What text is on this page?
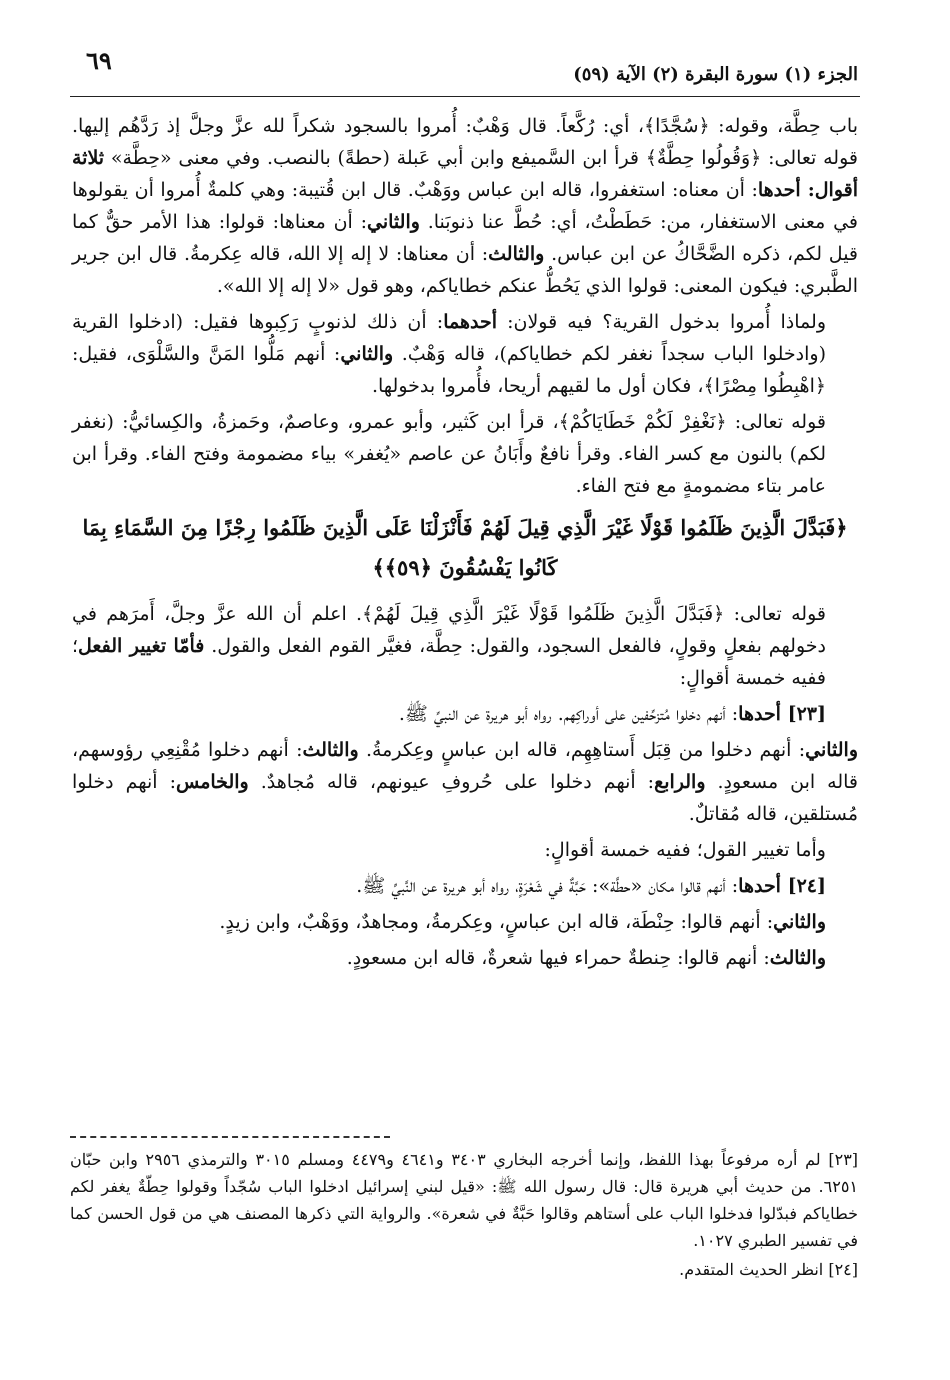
٦٩	الجزء (١) سورة البقرة (٢) الآية (٥٩)

باب حِطَّة، وقوله: ﴿سُجَّدًا﴾، أي: رُكَّعاً. قال وَهْبٌ: أُمروا بالسجود شكراً لله عزَّ وجلَّ إذ رَدَّهُم إليها. قوله تعالى: ﴿وَقُولُوا حِطَّةٌ﴾ قرأ ابن السَّميفع وابن أبي عَبلة (حطةً) بالنصب. وفي معنى «حِطَّة» ثلاثة أقوال: أحدها: أن معناه: استغفروا، قاله ابن عباس ووَهْبٌ. قال ابن قُتيبة: وهي كلمةٌ أُمروا أن يقولوها في معنى الاستغفار، من: حَطَطْتُ، أي: حُطَّ عنا ذنوبَنا. والثاني: أن معناها: قولوا: هذا الأمر حقٌّ كما قيل لكم، ذكره الضَّحَّاكُ عن ابن عباس. والثالث: أن معناها: لا إله إلا الله، قاله عِكرمةُ. قال ابن جرير الطَّبري: فيكون المعنى: قولوا الذي يَحُطُّ عنكم خطاياكم، وهو قول «لا إله إلا الله».

ولماذا أُمروا بدخول القرية؟ فيه قولان: أحدهما: أن ذلك لذنوبٍ رَكِبوها فقيل: (ادخلوا القرية (وادخلوا الباب سجداً نغفر لكم خطاياكم)، قاله وَهْبٌ. والثاني: أنهم مَلُّوا المَنَّ والسَّلْوَى، فقيل: ﴿اهْبِطُوا مِصْرًا﴾، فكان أول ما لقيهم أريحا، فأُمروا بدخولها.

قوله تعالى: ﴿نَغْفِرْ لَكُمْ خَطَايَاكُمْ﴾، قرأ ابن كَثير، وأبو عمرو، وعاصمٌ، وحَمزةُ، والكِسائيُّ: (نغفر لكم) بالنون مع كسر الفاء. وقرأ نافعٌ وأَبَانُ عن عاصم «يُغفر» بياء مضمومة وفتح الفاء. وقرأ ابن عامر بتاء مضمومةٍ مع فتح الفاء.

﴿فَبَدَّلَ الَّذِينَ ظَلَمُوا قَوْلًا غَيْرَ الَّذِي قِيلَ لَهُمْ فَأَنْزَلْنَا عَلَى الَّذِينَ ظَلَمُوا رِجْزًا مِنَ السَّمَاءِ بِمَا كَانُوا يَفْسُقُونَ ﴿٥٩﴾﴾

قوله تعالى: ﴿فَبَدَّلَ الَّذِينَ ظَلَمُوا قَوْلًا غَيْرَ الَّذِي قِيلَ لَهُمْ﴾. اعلم أن الله عزَّ وجلَّ، أَمرَهم في دخولهم بفعلٍ وقولٍ، فالفعل السجود، والقول: حِطَّة، فغيَّر القوم الفعل والقول. فأمّا تغيير الفعل؛ ففيه خمسة أقوالٍ:

[٢٣] أحدها: أنهم دخلوا مُتزحِّفين على أوراكِهم. رواه أبو هريرة عن النبيِّ ﷺ.

والثاني: أنهم دخلوا من قِبَل أَستاهِهِم، قاله ابن عباسٍ وعِكرمةُ. والثالث: أنهم دخلوا مُقْنِعِي رؤوسهم، قاله ابن مسعودٍ. والرابع: أنهم دخلوا على حُروفِ عيونهم، قاله مُجاهدٌ. والخامس: أنهم دخلوا مُستلقين، قاله مُقاتلٌ.

وأما تغيير القول؛ ففيه خمسة أقوالٍ:

[٢٤] أحدها: أنهم قالوا مكان «حطَّة»: حَبَّةٌ في شَعْرَةٍ، رواه أبو هريرة عن النَّبيِّ ﷺ.

والثاني: أنهم قالوا: حِنْطَة، قاله ابن عباسٍ، وعِكرمةُ، ومجاهدٌ، ووَهْبٌ، وابن زيدٍ.

والثالث: أنهم قالوا: حِنطةٌ حمراء فيها شعرةٌ، قاله ابن مسعودٍ.

[٢٣] لم أره مرفوعاً بهذا اللفظ، وإنما أخرجه البخاري ٣٤٠٣ و٤٦٤١ و٤٤٧٩ ومسلم ٣٠١٥ والترمذي ٢٩٥٦ وابن حبّان ٦٢٥١. من حديث أبي هريرة قال: قال رسول الله ﷺ: «قيل لبني إسرائيل ادخلوا الباب سُجّداً وقولوا حِطّةٌ يغفر لكم خطاياكم فبدّلوا فدخلوا الباب على أستاهم وقالوا حَبَّةٌ في شعرة». والرواية التي ذكرها المصنف هي من قول الحسن كما في تفسير الطبري ١٠٢٧.

[٢٤] انظر الحديث المتقدم.
